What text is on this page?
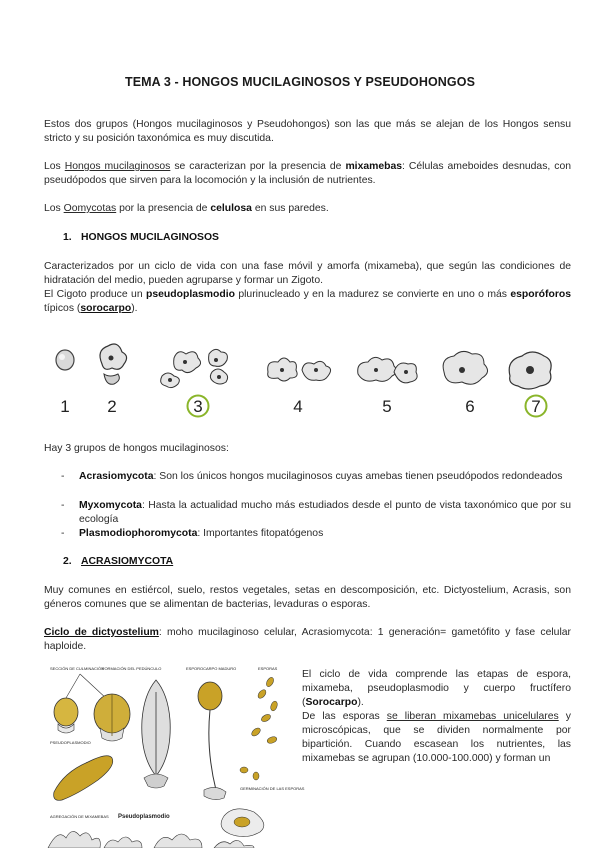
TEMA 3 - HONGOS MUCILAGINOSOS Y PSEUDOHONGOS
Estos dos grupos (Hongos mucilaginosos y Pseudohongos) son las que más se alejan de los Hongos sensu stricto y su posición taxonómica es muy discutida.
Los Hongos mucilaginosos se caracterizan por la presencia de mixamebas: Células ameboides desnudas, con pseudópodos que sirven para la locomoción y la inclusión de nutrientes.
Los Oomycotas por la presencia de celulosa en sus paredes.
1. HONGOS MUCILAGINOSOS
Caracterizados por un ciclo de vida con una fase móvil y amorfa (mixameba), que según las condiciones de hidratación del medio, pueden agruparse y formar un Zigoto.
El Cigoto produce un pseudoplasmodio plurinucleado y en la madurez se convierte en uno o más esporóforos típicos (sorocarpo).
1 2	3	4	5	6	7
Hay 3 grupos de hongos mucilaginosos:
- Acrasiomycota: Son los únicos hongos mucilaginosos cuyas amebas tienen pseudópodos redondeados
- Myxomycota: Hasta la actualidad mucho más estudiados desde el punto de vista taxonómico que por su ecología
- Plasmodiophoromycota: Importantes fitopatógenos
2. ACRASIOMYCOTA
Muy comunes en estiércol, suelo, restos vegetales, setas en descomposición, etc. Dictyostelium, Acrasis, son géneros comunes que se alimentan de bacterias, levaduras o esporas.
Ciclo de dictyostelium: moho mucilaginoso celular, Acrasiomycota: 1 generación= gametófito y fase celular haploide.
SECCIÓN DE CULMINACIÓN
FORMACIÓN DEL PEDÚNCULO	ESPOROCARPO MADURO	ESPORAS
PSEUDOPLASMODIO
GERMINACIÓN DE LAS ESPORAS
AGREGACIÓN DE MIXAMEBAS Pseudoplasmodio
El ciclo de vida comprende las etapas de espora, mixameba, pseudoplasmodio y cuerpo fructífero (Sorocarpo).
De las esporas se liberan mixamebas unicelulares y microscópicas, que se dividen normalmente por bipartición. Cuando escasean los nutrientes, las mixamebas se agrupan (10.000-100.000) y forman un
